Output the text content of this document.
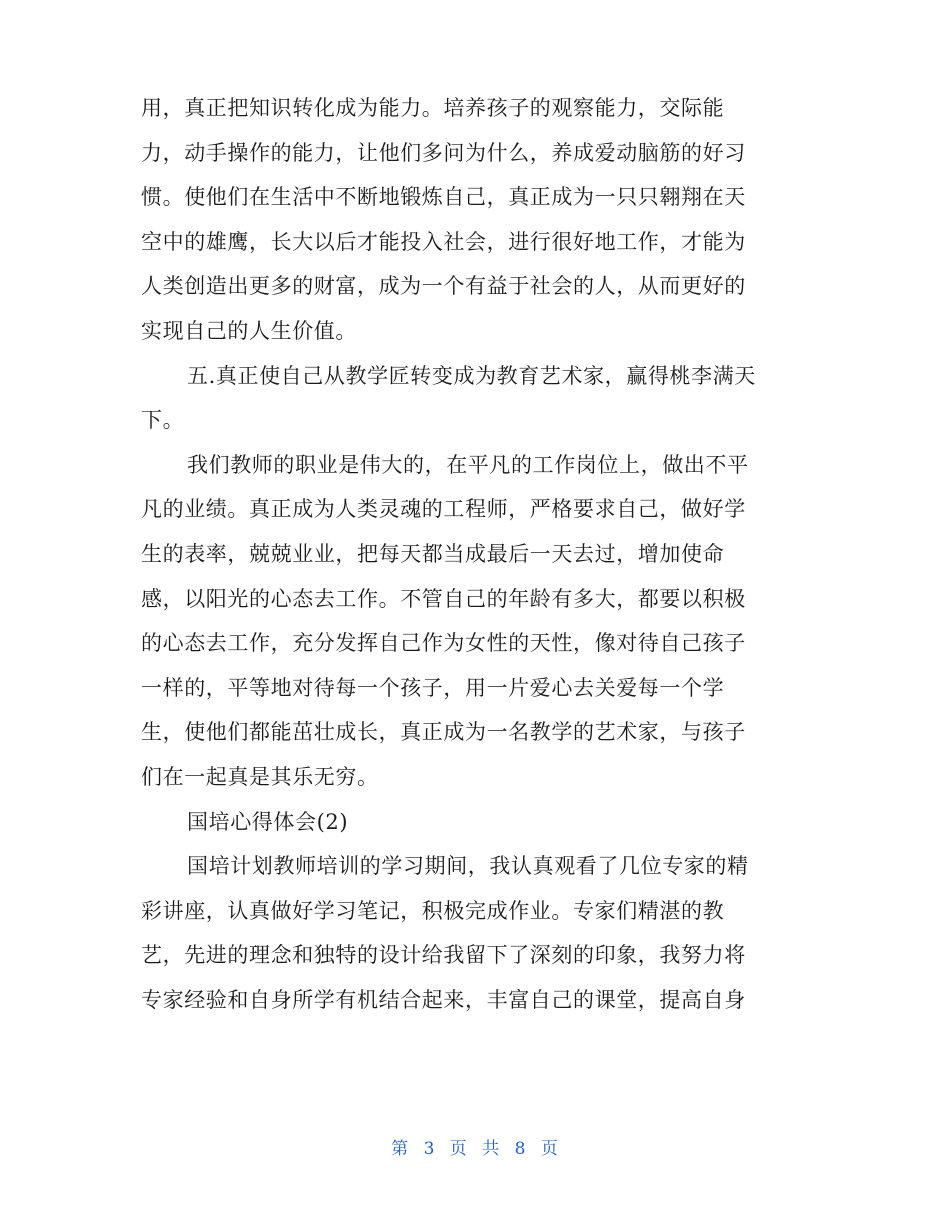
用，真正把知识转化成为能力。培养孩子的观察能力，交际能
力，动手操作的能力，让他们多问为什么，养成爱动脑筋的好习
惯。使他们在生活中不断地锻炼自己，真正成为一只只翱翔在天
空中的雄鹰，长大以后才能投入社会，进行很好地工作，才能为
人类创造出更多的财富，成为一个有益于社会的人，从而更好的
实现自己的人生价值。
五.真正使自己从教学匠转变成为教育艺术家，赢得桃李满天
下。
我们教师的职业是伟大的，在平凡的工作岗位上，做出不平
凡的业绩。真正成为人类灵魂的工程师，严格要求自己，做好学
生的表率，兢兢业业，把每天都当成最后一天去过，增加使命
感，以阳光的心态去工作。不管自己的年龄有多大，都要以积极
的心态去工作，充分发挥自己作为女性的天性，像对待自己孩子
一样的，平等地对待每一个孩子，用一片爱心去关爱每一个学
生，使他们都能茁壮成长，真正成为一名教学的艺术家，与孩子
们在一起真是其乐无穷。
国培心得体会(2)
国培计划教师培训的学习期间，我认真观看了几位专家的精
彩讲座，认真做好学习笔记，积极完成作业。专家们精湛的教
艺，先进的理念和独特的设计给我留下了深刻的印象，我努力将
专家经验和自身所学有机结合起来，丰富自己的课堂，提高自身
第 3 页 共 8 页
